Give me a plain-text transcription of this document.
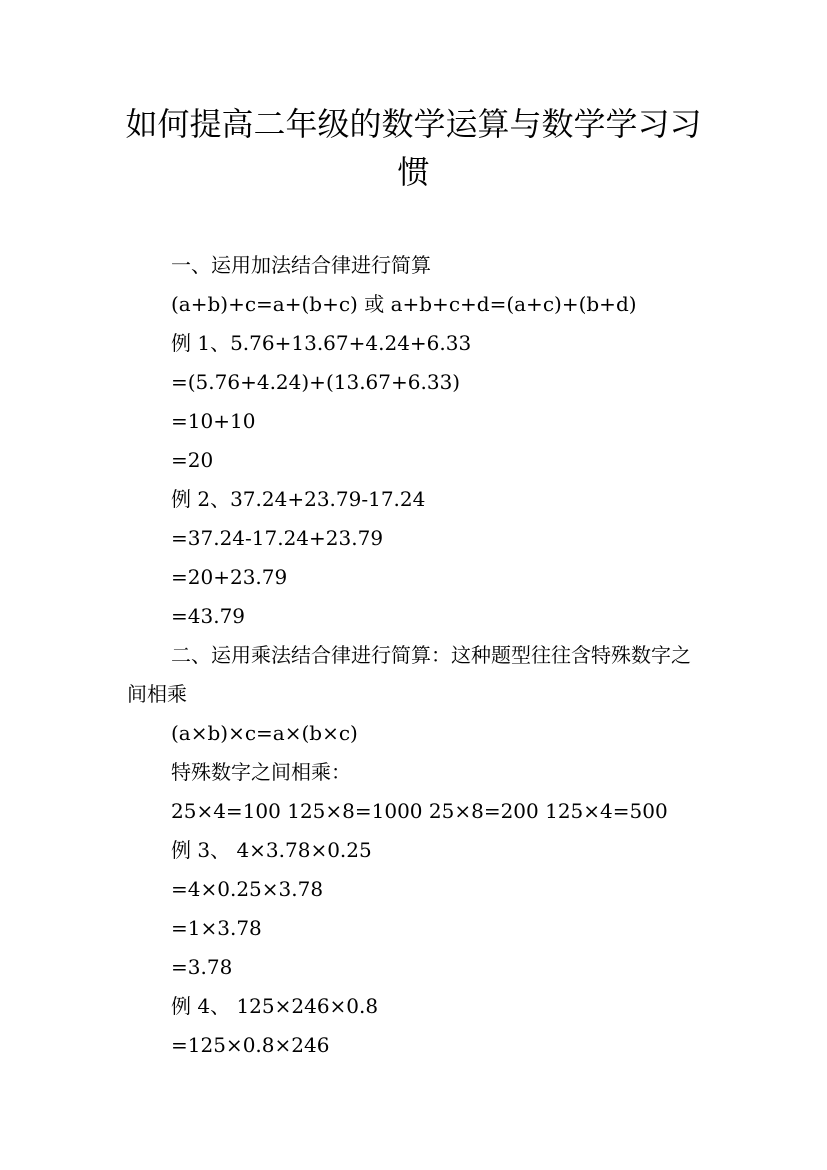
如何提高二年级的数学运算与数学学习习
惯
一、运用加法结合律进行简算
(a+b)+c=a+(b+c) 或 a+b+c+d=(a+c)+(b+d)
例 1、5.76+13.67+4.24+6.33
=(5.76+4.24)+(13.67+6.33)
=10+10
=20
例 2、37.24+23.79-17.24
=37.24-17.24+23.79
=20+23.79
=43.79
二、运用乘法结合律进行简算：这种题型往往含特殊数字之间相乘
(a×b)×c=a×(b×c)
特殊数字之间相乘：
25×4=100 125×8=1000 25×8=200 125×4=500
例 3、 4×3.78×0.25
=4×0.25×3.78
=1×3.78
=3.78
例 4、 125×246×0.8
=125×0.8×246
